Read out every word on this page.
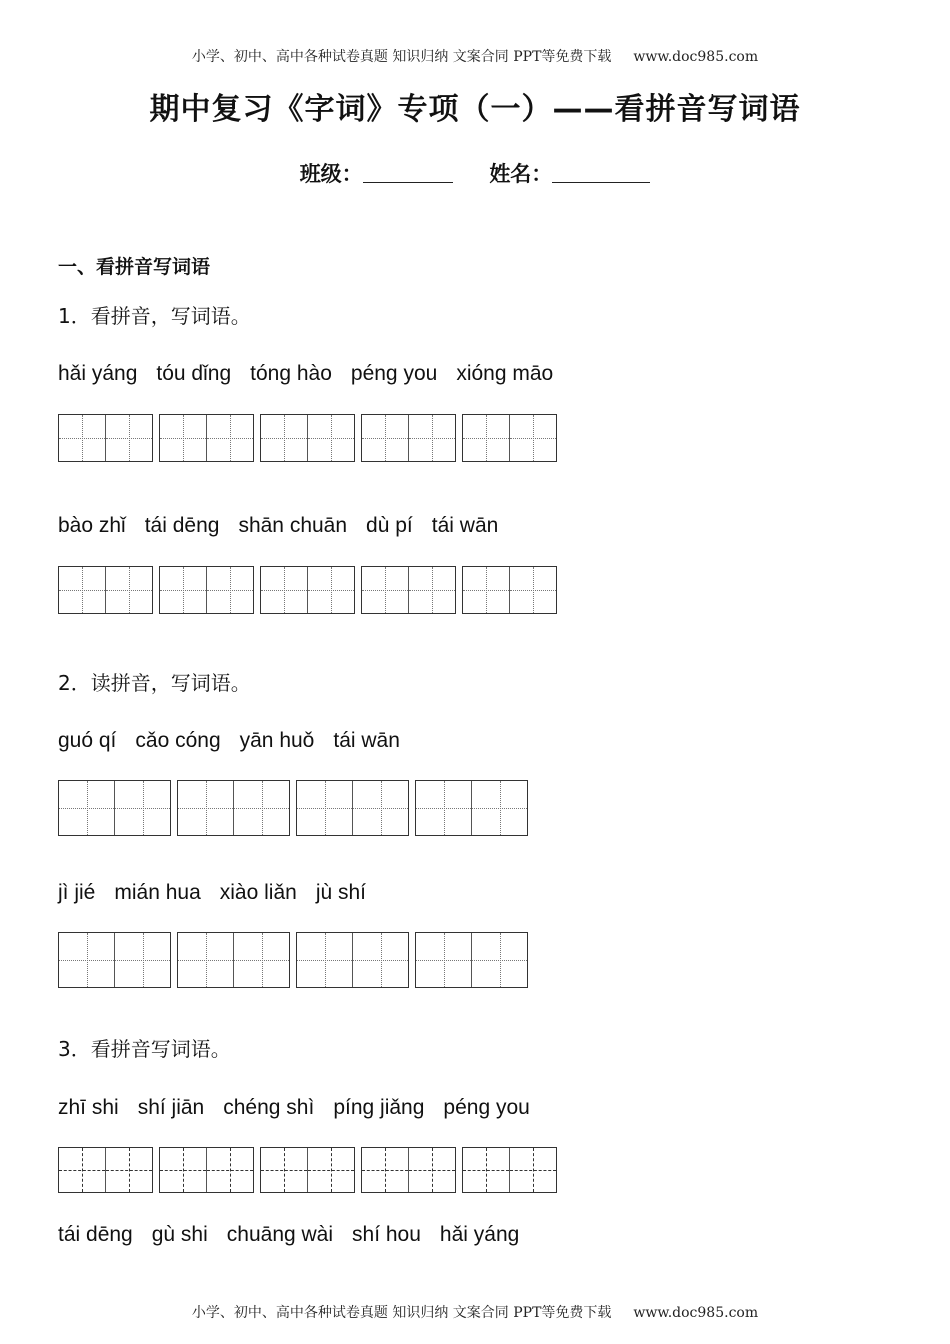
小学、初中、高中各种试卷真题 知识归纳 文案合同 PPT等免费下载 www.doc985.com
期中复习《字词》专项（一）——看拼音写词语
班级：	姓名：
一、看拼音写词语
1．看拼音，写词语。
hǎi yáng tóu dǐng tóng hào péng you xióng māo
bào zhǐ tái dēng shān chuān dù pí tái wān
2．读拼音，写词语。
guó qí cǎo cóng yān huǒ tái wān
jì jié mián hua xiào liǎn jù shí
3．看拼音写词语。
zhī shi shí jiān chéng shì píng jiǎng péng you
tái dēng gù shi chuāng wài shí hou hǎi yáng
小学、初中、高中各种试卷真题 知识归纳 文案合同 PPT等免费下载 www.doc985.com
